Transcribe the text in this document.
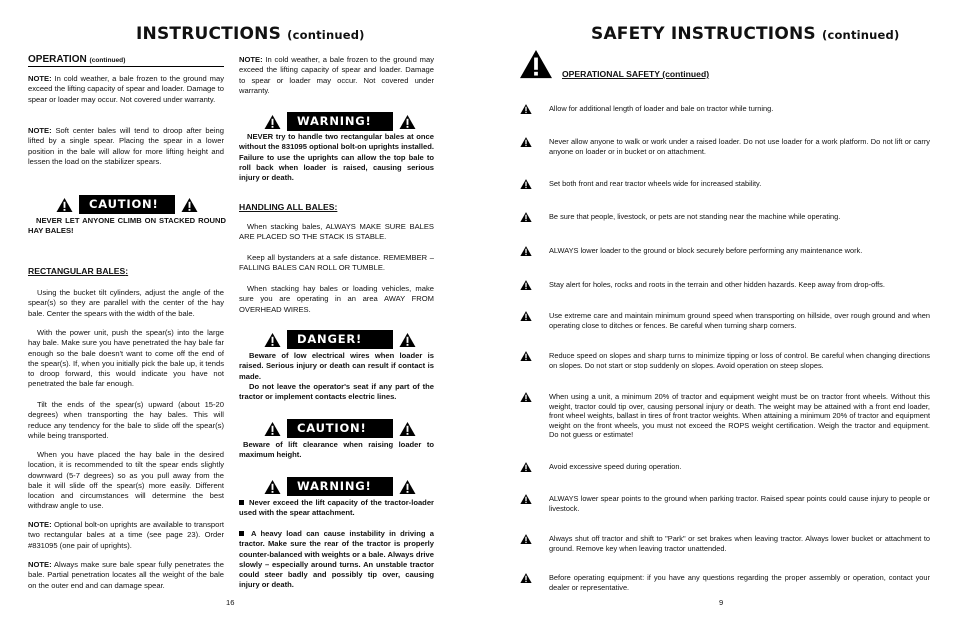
INSTRUCTIONS (continued)
OPERATION (continued)
NOTE: In cold weather, a bale frozen to the ground may exceed the lifting capacity of spear and loader. Damage to spear or loader may occur. Not covered under warranty.
NOTE: Soft center bales will tend to droop after being lifted by a single spear. Placing the spear in a lower position in the bale will allow for more lifting height and lessen the load on the stabilizer spears.
CAUTION!
NEVER LET ANYONE CLIMB ON STACKED ROUND HAY BALES!
RECTANGULAR BALES:
Using the bucket tilt cylinders, adjust the angle of the spear(s) so they are parallel with the center of the hay bale. Center the spears with the width of the bale.
With the power unit, push the spear(s) into the large hay bale. Make sure you have penetrated the hay bale far enough so the bale doesn't want to come off the end of the spear(s). If, when you initially pick the bale up, it tends to droop forward, this would indicate you have not penetrated the bale far enough.
Tilt the ends of the spear(s) upward (about 15-20 degrees) when transporting the hay bales. This will reduce any tendency for the bale to slide off the spear(s) while being transported.
When you have placed the hay bale in the desired location, it is recommended to tilt the spear ends slightly downward (5-7 degrees) so as you pull away from the bale it will slide off the spear(s) more easily. Different location and circumstances will determine the best withdraw angle to use.
NOTE: Optional bolt-on uprights are available to transport two rectangular bales at a time (see page 23). Order #831095 (one pair of uprights).
NOTE: Always make sure bale spear fully penetrates the bale. Partial penetration locates all the weight of the bale on the outer end and can damage spear.
16
NOTE: In cold weather, a bale frozen to the ground may exceed the lifting capacity of spear and loader. Damage to spear or loader may occur. Not covered under warranty.
WARNING!
NEVER try to handle two rectangular bales at once without the 831095 optional bolt-on uprights installed. Failure to use the uprights can allow the top bale to roll back when loader is raised, causing serious injury or death.
HANDLING ALL BALES:
When stacking bales, ALWAYS MAKE SURE BALES ARE PLACED SO THE STACK IS STABLE.
Keep all bystanders at a safe distance. REMEMBER – FALLING BALES CAN ROLL OR TUMBLE.
When stacking hay bales or loading vehicles, make sure you are operating in an area AWAY FROM OVERHEAD WIRES.
DANGER!
Beware of low electrical wires when loader is raised. Serious injury or death can result if contact is made.
Do not leave the operator's seat if any part of the tractor or implement contacts electric lines.
CAUTION!
Beware of lift clearance when raising loader to maximum height.
WARNING!
Never exceed the lift capacity of the tractor-loader used with the spear attachment.
A heavy load can cause instability in driving a tractor. Make sure the rear of the tractor is properly counter-balanced with weights or a bale. Always drive slowly – especially around turns. An unstable tractor could steer badly and possibly tip over, causing injury or death.
SAFETY INSTRUCTIONS (continued)
OPERATIONAL SAFETY (continued)
Allow for additional length of loader and bale on tractor while turning.
Never allow anyone to walk or work under a raised loader. Do not use loader for a work platform. Do not lift or carry anyone on loader or in bucket or on attachment.
Set both front and rear tractor wheels wide for increased stability.
Be sure that people, livestock, or pets are not standing near the machine while operating.
ALWAYS lower loader to the ground or block securely before performing any maintenance work.
Stay alert for holes, rocks and roots in the terrain and other hidden hazards. Keep away from drop-offs.
Use extreme care and maintain minimum ground speed when transporting on hillside, over rough ground and when operating close to ditches or fences. Be careful when turning sharp corners.
Reduce speed on slopes and sharp turns to minimize tipping or loss of control. Be careful when changing directions on slopes. Do not start or stop suddenly on slopes. Avoid operation on steep slopes.
When using a unit, a minimum 20% of tractor and equipment weight must be on tractor front wheels. Without this weight, tractor could tip over, causing personal injury or death. The weight may be attained with a front end loader, front wheel weights, ballast in tires of front tractor weights. When attaining a minimum 20% of tractor and equipment weight on the front wheels, you must not exceed the ROPS weight certification. Weigh the tractor and equipment. Do not guess or estimate!
Avoid excessive speed during operation.
ALWAYS lower spear points to the ground when parking tractor. Raised spear points could cause injury to people or livestock.
Always shut off tractor and shift to "Park" or set brakes when leaving tractor. Always lower bucket or attachment to ground. Remove key when leaving tractor unattended.
Before operating equipment: if you have any questions regarding the proper assembly or operation, contact your dealer or representative.
9
